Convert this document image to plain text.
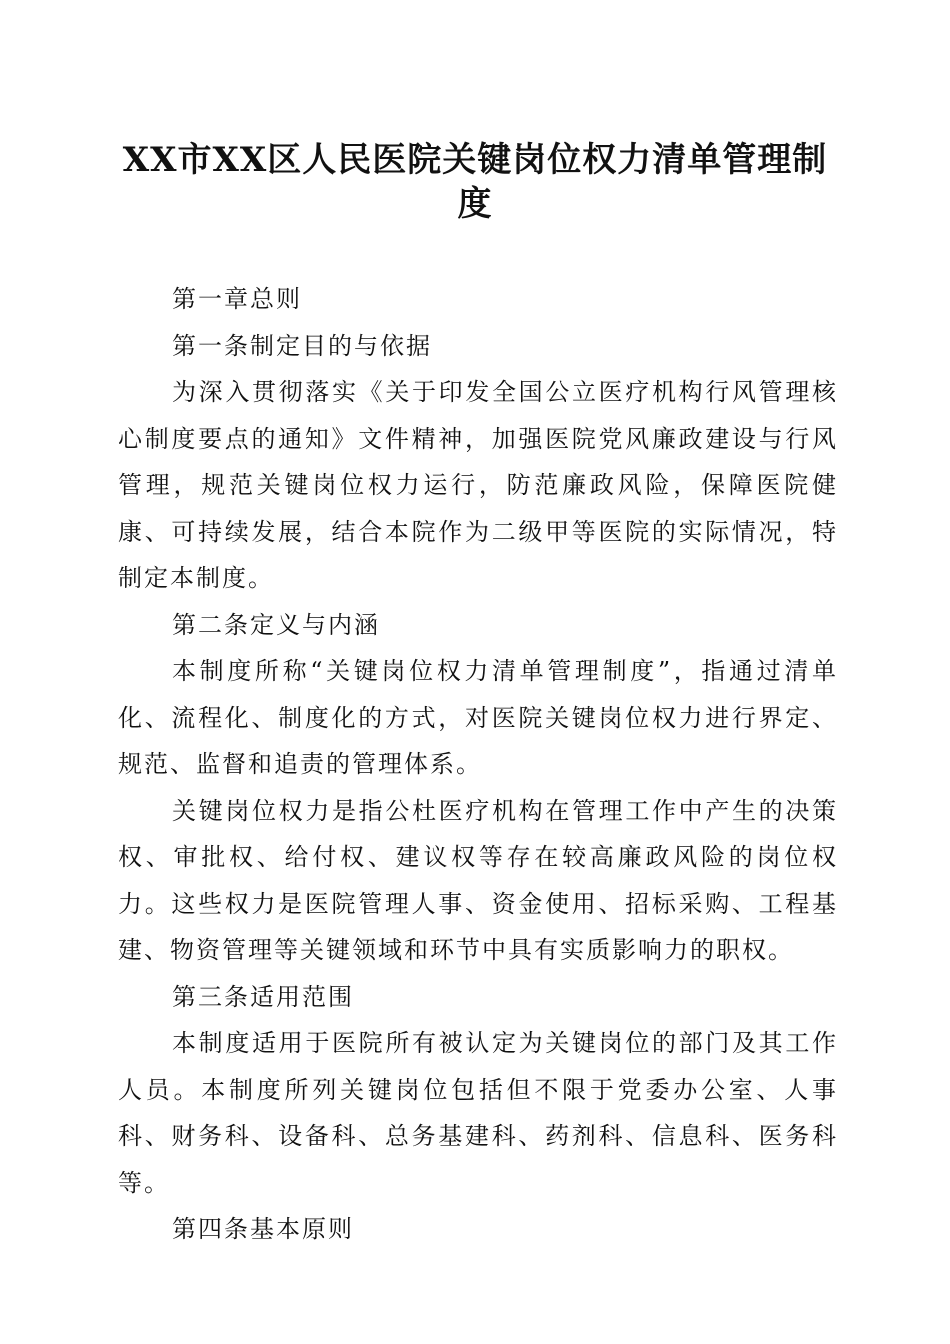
XX市XX区人民医院关键岗位权力清单管理制度

第一章总则

第一条制定目的与依据

为深入贯彻落实《关于印发全国公立医疗机构行风管理核心制度要点的通知》文件精神，加强医院党风廉政建设与行风管理，规范关键岗位权力运行，防范廉政风险，保障医院健康、可持续发展，结合本院作为二级甲等医院的实际情况，特制定本制度。

第二条定义与内涵

本制度所称“关键岗位权力清单管理制度”，指通过清单化、流程化、制度化的方式，对医院关键岗位权力进行界定、规范、监督和追责的管理体系。

关键岗位权力是指公杜医疗机构在管理工作中产生的决策权、审批权、给付权、建议权等存在较高廉政风险的岗位权力。这些权力是医院管理人事、资金使用、招标采购、工程基建、物资管理等关键领域和环节中具有实质影响力的职权。

第三条适用范围

本制度适用于医院所有被认定为关键岗位的部门及其工作人员。本制度所列关键岗位包括但不限于党委办公室、人事科、财务科、设备科、总务基建科、药剂科、信息科、医务科等。

第四条基本原则
